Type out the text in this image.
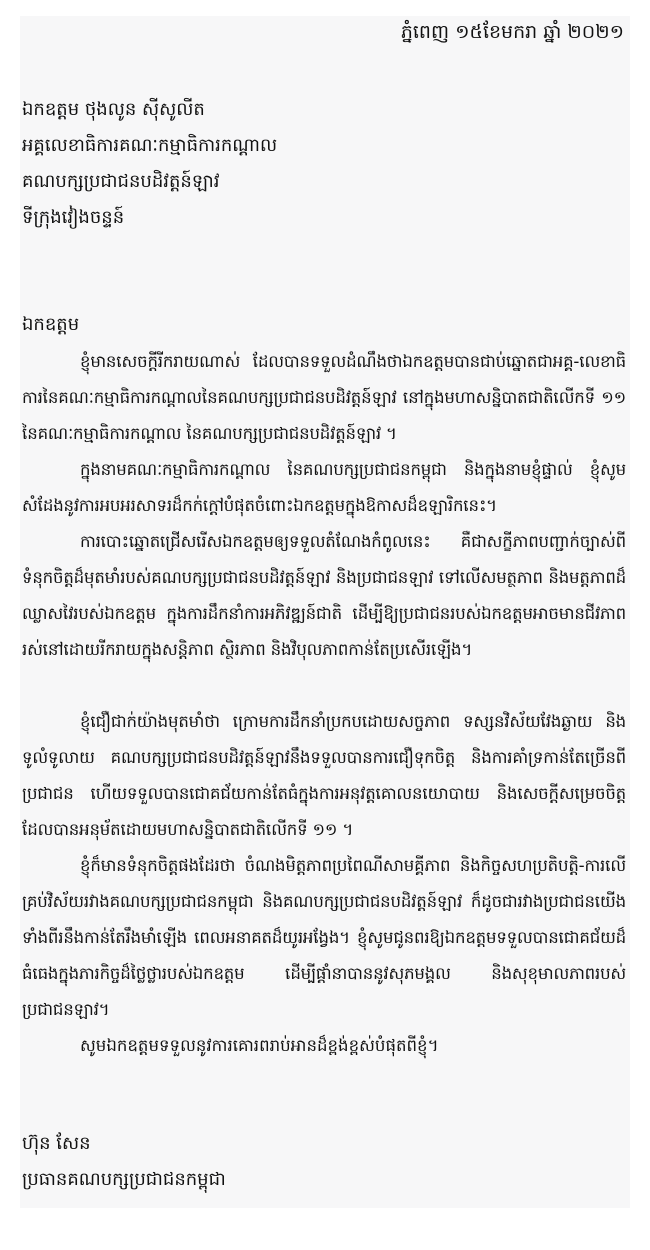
ភ្នំពេញ ១៥ខែមករា ឆ្នាំ ២០២១
ឯកឧត្តម ថុងលូន ស៊ីសូលីត
អគ្គលេខាធិការគណៈកម្មាធិការកណ្តាល
គណបក្សប្រជាជនបដិវត្តន៍ឡាវ
ទីក្រុងវៀងចន្ទន៍
ឯកឧត្តម

ខ្ញុំមានសេចក្តីរីករាយណាស់ ដែលបានទទួលដំណឹងថាឯកឧត្តមបានជាប់ឆ្នោតជាអគ្គ-លេខាធិការនៃគណៈកម្មាធិការកណ្តាលនៃគណបក្សប្រជាជនបដិវត្តន៍ឡាវ នៅក្នុងមហាសន្និបាតជាតិលើកទី ១១ នៃគណៈកម្មាធិការកណ្តាល នៃគណបក្សប្រជាជនបដិវត្តន៍ឡាវ ។

ក្នុងនាមគណៈកម្មាធិការកណ្តាល នៃគណបក្សប្រជាជនកម្ពុជា និងក្នុងនាមខ្ញុំផ្ទាល់ ខ្ញុំសូមសំដែងនូវការអបអរសាទរដ៏កក់ក្តៅបំផុតចំពោះឯកឧត្តមក្នុងឱកាសដ៏ឧឡារិកនេះ។

ការបោះឆ្នោតជ្រើសរើសឯកឧត្តមឲ្យទទួលតំណែងកំពូលនេះ គឺជាសក្ខីភាពបញ្ជាក់ច្បាស់ពីទំនុកចិត្តដ៏មុតមាំរបស់គណបក្សប្រជាជនបដិវត្តន៍ឡាវ និងប្រជាជនឡាវ ទៅលើសមត្ថភាព និងមត្តភាពដ៏ឈ្លាសវៃរបស់ឯកឧត្តម ក្នុងការដឹកនាំការអភិវឌ្ឍន៍ជាតិ ដើម្បីឱ្យប្រជាជនរបស់ឯកឧត្តមអាចមានជីវភាពរស់នៅដោយរីករាយក្នុងសន្តិភាព ស្ថិរភាព និងវិបុលភាពកាន់តែប្រសើរឡើង។

ខ្ញុំជឿជាក់យ៉ាងមុតមាំថា ក្រោមការដឹកនាំប្រកបដោយសច្ចភាព ទស្សនវិស័យវែងឆ្ងាយ និងទូលំទូលាយ គណបក្សប្រជាជនបដិវត្តន៍ឡាវនឹងទទួលបានការជឿទុកចិត្ត និងការគាំទ្រកាន់តែច្រើនពីប្រជាជន ហើយទទួលបានជោគជ័យកាន់តែធំក្នុងការអនុវត្តគោលនយោបាយ និងសេចក្តីសម្រេចចិត្តដែលបានអនុម័តដោយមហាសន្និបាតជាតិលើកទី ១១ ។

ខ្ញុំក៏មានទំនុកចិត្តផងដែរថា ចំណងមិត្តភាពប្រពៃណីសាមគ្គីភាព និងកិច្ចសហប្រតិបត្តិ-ការលើគ្រប់វិស័យរវាងគណបក្សប្រជាជនកម្ពុជា និងគណបក្សប្រជាជនបដិវត្តន៍ឡាវ ក៏ដូចជារវាងប្រជាជនយើងទាំងពីរនឹងកាន់តែរឹងមាំឡើង ពេលអនាគតដ៏យូរអង្វែង។ ខ្ញុំសូមជូនពរឱ្យឯកឧត្តមទទួលបានជោគជ័យដ៏ធំធេងក្នុងភារកិច្ចដ៏ថ្លៃថ្លារបស់ឯកឧត្តម ដើម្បីផ្តាំនាបាននូវសុភមង្គល និងសុខុមាលភាពរបស់ប្រជាជនឡាវ។

សូមឯកឧត្តមទទួលនូវការគោរពរាប់អានដ៏ខ្ពង់ខ្ពស់បំផុតពីខ្ញុំ។

ហ៊ុន សែន
ប្រធានគណបក្សប្រជាជនកម្ពុជា
